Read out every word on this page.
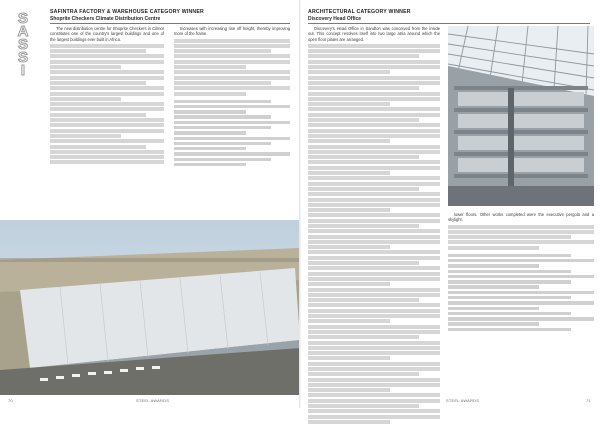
S
A
S
S
I
SAFINTRA FACTORY & WAREHOUSE CATEGORY WINNER
Shoprite Checkers Climate Distribution Centre

The new distribution centre for Shoprite Checkers in Cilmor constitutes one of the country's largest buildings and one of the largest buildings ever built in Africa.

Increases with increasing rise off height, thereby improving more of the frame.

70	STEEL AWARDS
ARCHITECTURAL CATEGORY WINNER
Discovery Head Office

Discovery's Head Office in Sandton was conceived from the inside out. This concept resolves itself into two large atria around which the open floor plates are arranged.

lower floors. Other works completed were the executive pergola and a skylight.

STEEL AWARDS	71
